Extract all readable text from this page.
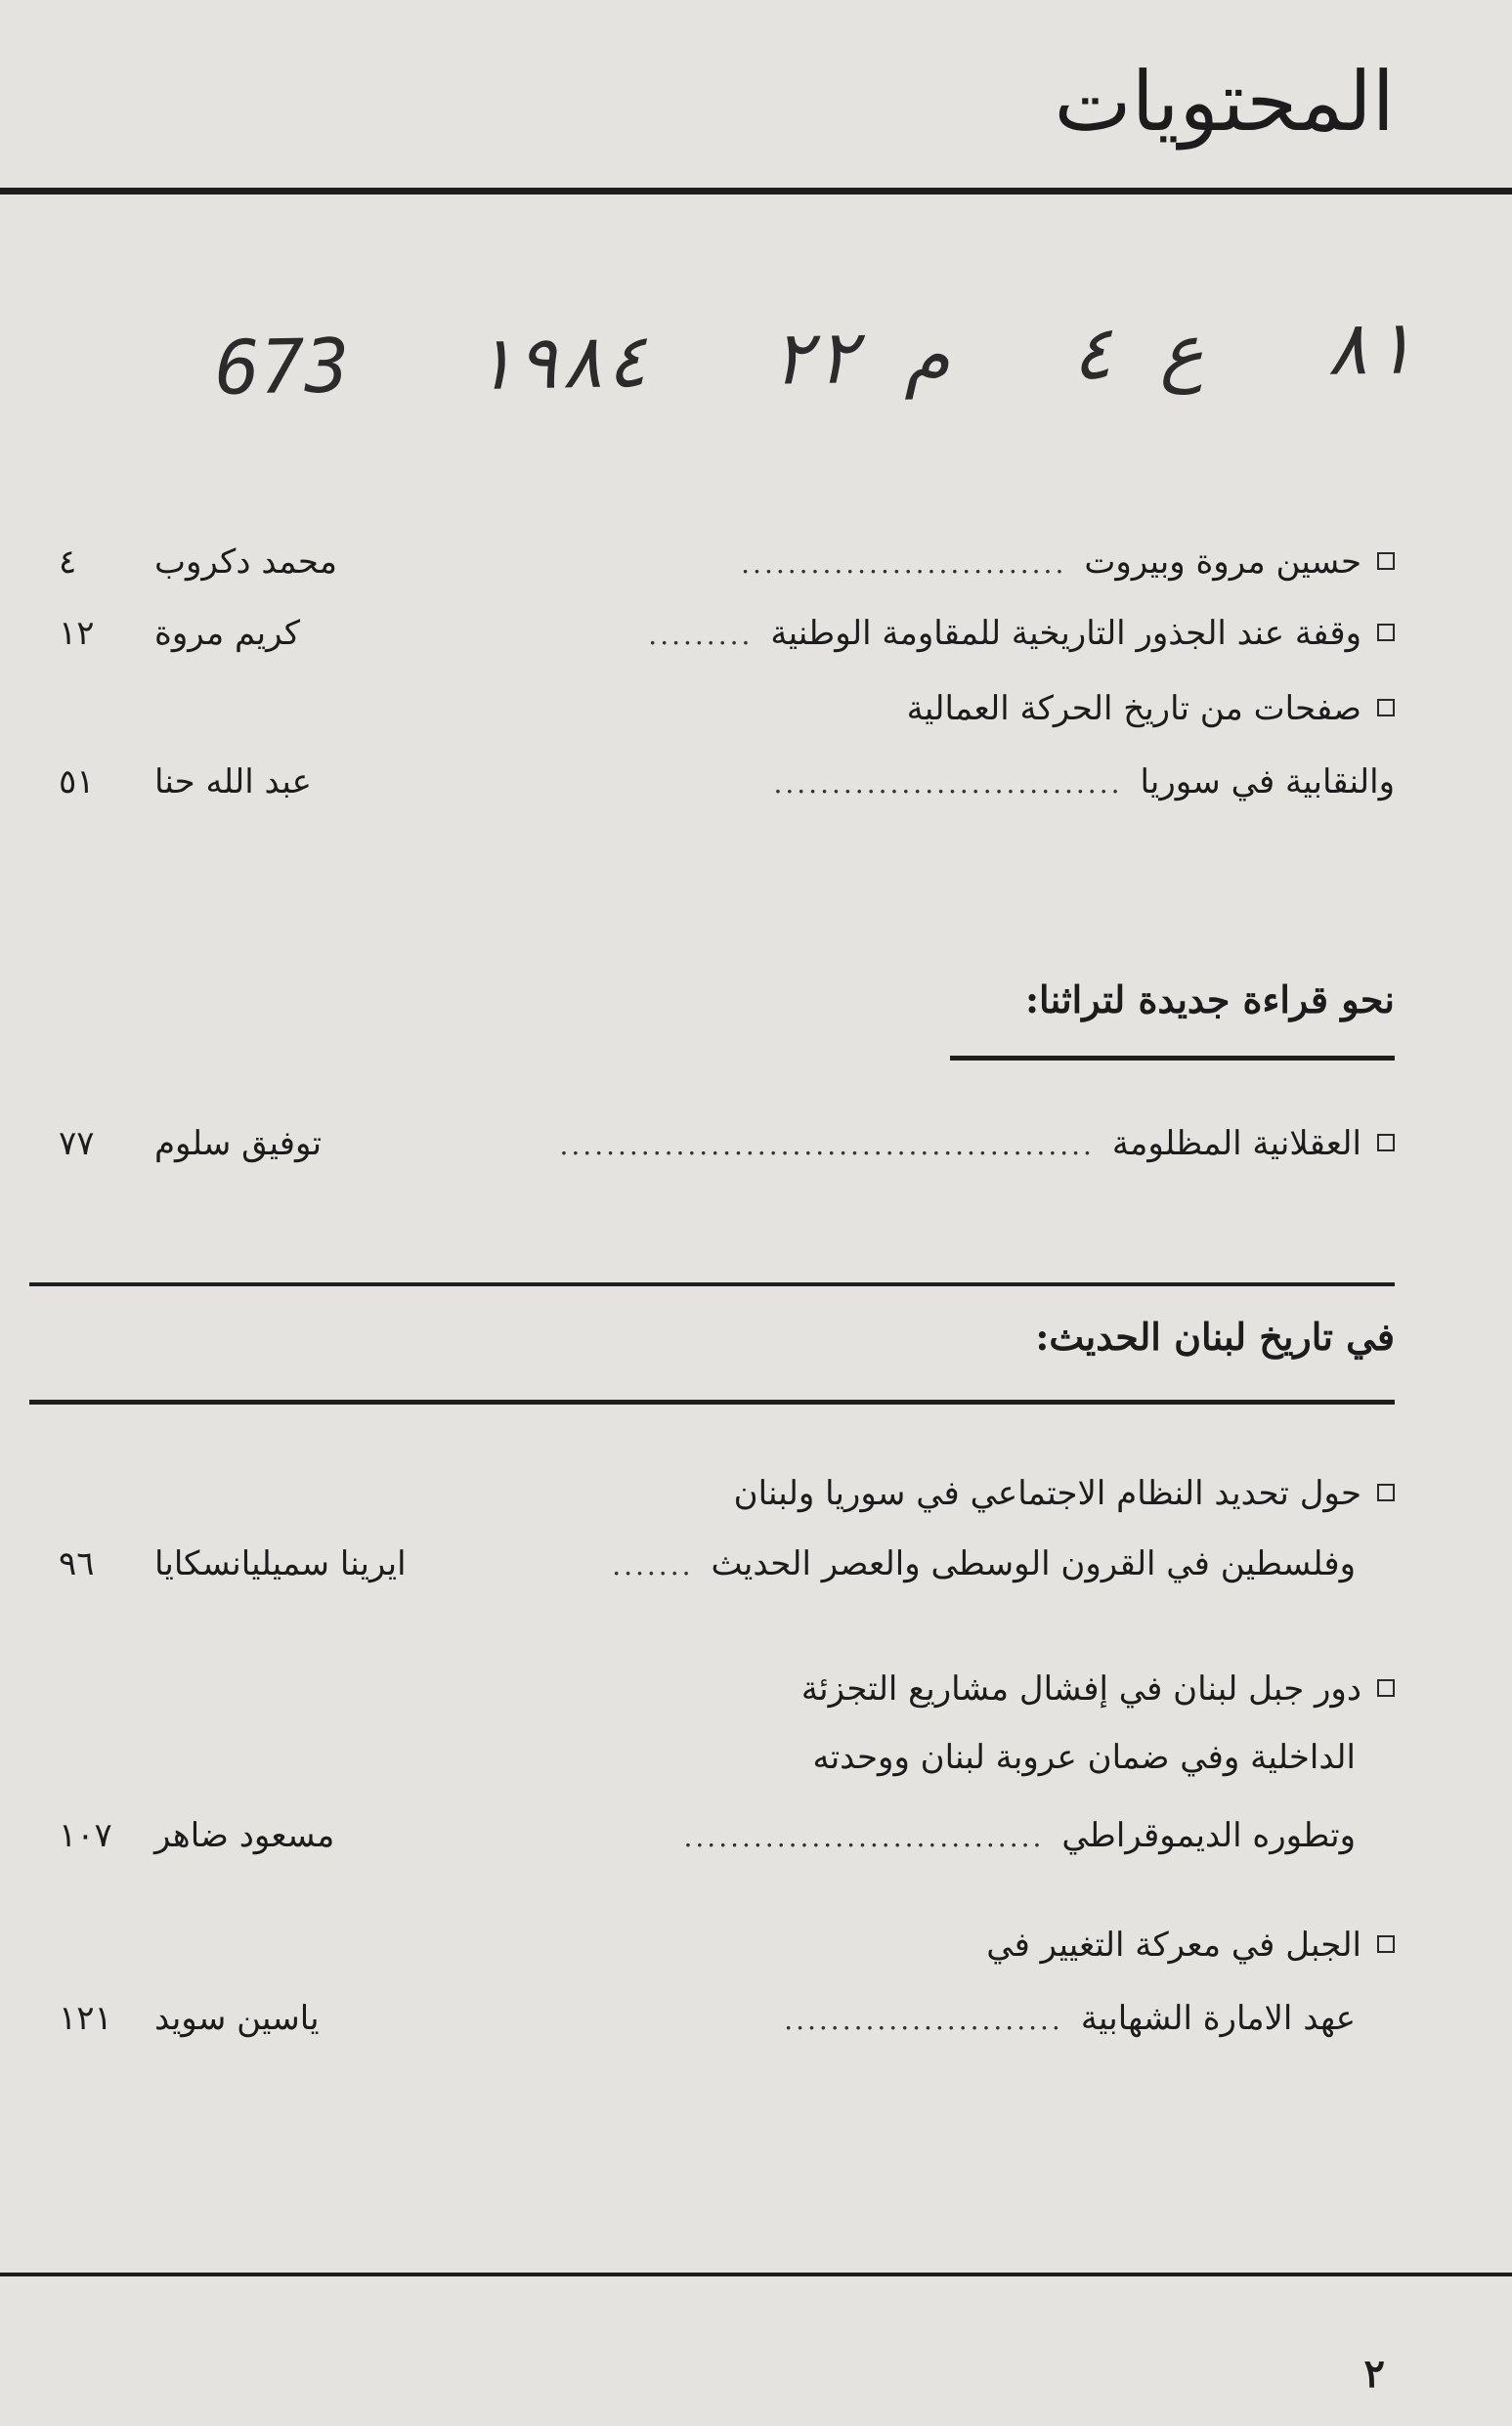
المحتويات
673 ١٩٨٤ م ٢٢ ع ٤ ٨١
حسين مروة وبيروت
............................
محمد دكروب
٤
وقفة عند الجذور التاريخية للمقاومة الوطنية
.........
كريم مروة
١٢
صفحات من تاريخ الحركة العمالية
والنقابية في سوريا
..............................
عبد الله حنا
٥١
نحو قراءة جديدة لتراثنا:
العقلانية المظلومة
..............................................
توفيق سلوم
٧٧
في تاريخ لبنان الحديث:
حول تحديد النظام الاجتماعي في سوريا ولبنان
وفلسطين في القرون الوسطى والعصر الحديث
.......
ايرينا سميليانسكايا
٩٦
دور جبل لبنان في إفشال مشاريع التجزئة
الداخلية وفي ضمان عروبة لبنان ووحدته
وتطوره الديموقراطي
...............................
مسعود ضاهر
١٠٧
الجبل في معركة التغيير في
عهد الامارة الشهابية
........................
ياسين سويد
١٢١
٢
